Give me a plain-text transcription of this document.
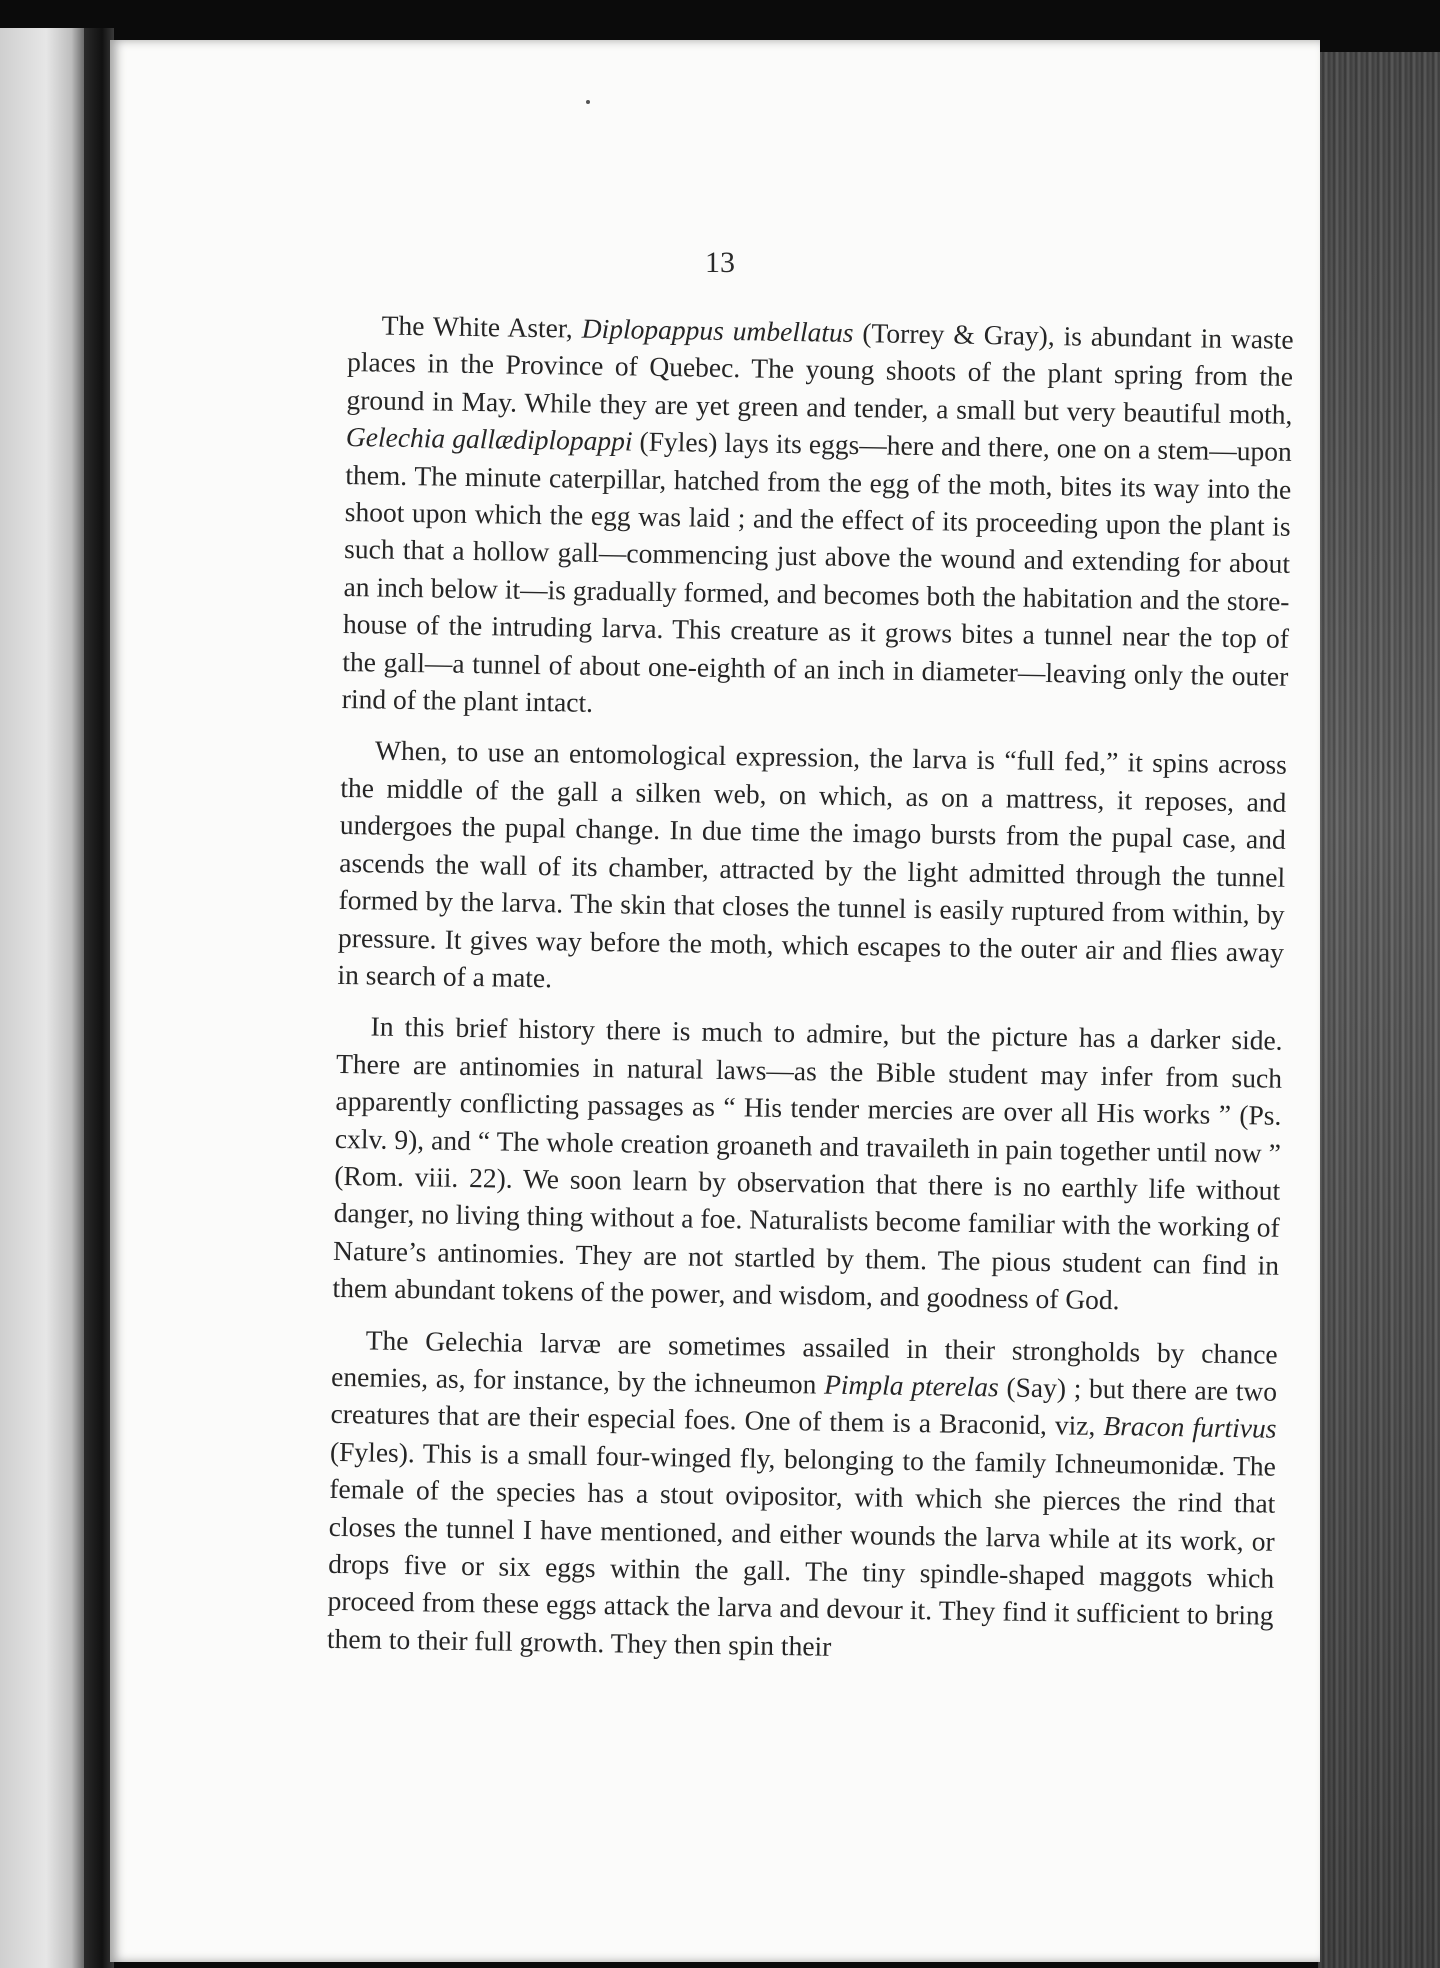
13

The White Aster, Diplopappus umbellatus (Torrey & Gray), is abundant in waste places in the Province of Quebec. The young shoots of the plant spring from the ground in May. While they are yet green and tender, a small but very beautiful moth, Gelechia gallædiplopappi (Fyles) lays its eggs—here and there, one on a stem—upon them. The minute caterpillar, hatched from the egg of the moth, bites its way into the shoot upon which the egg was laid ; and the effect of its proceeding upon the plant is such that a hollow gall—commencing just above the wound and extending for about an inch below it—is gradually formed, and becomes both the habitation and the store-house of the intruding larva. This creature as it grows bites a tunnel near the top of the gall—a tunnel of about one-eighth of an inch in diameter—leaving only the outer rind of the plant intact.

When, to use an entomological expression, the larva is “full fed,” it spins across the middle of the gall a silken web, on which, as on a mattress, it reposes, and undergoes the pupal change. In due time the imago bursts from the pupal case, and ascends the wall of its chamber, attracted by the light admitted through the tunnel formed by the larva. The skin that closes the tunnel is easily ruptured from within, by pressure. It gives way before the moth, which escapes to the outer air and flies away in search of a mate.

In this brief history there is much to admire, but the picture has a darker side. There are antinomies in natural laws—as the Bible student may infer from such apparently conflicting passages as “ His tender mercies are over all His works ” (Ps. cxlv. 9), and “ The whole creation groaneth and travaileth in pain together until now ” (Rom. viii. 22). We soon learn by observation that there is no earthly life without danger, no living thing without a foe. Naturalists become familiar with the working of Nature’s antinomies. They are not startled by them. The pious student can find in them abundant tokens of the power, and wisdom, and goodness of God.

The Gelechia larvæ are sometimes assailed in their strongholds by chance enemies, as, for instance, by the ichneumon Pimpla pterelas (Say) ; but there are two creatures that are their especial foes. One of them is a Braconid, viz, Bracon furtivus (Fyles). This is a small four-winged fly, belonging to the family Ichneumonidæ. The female of the species has a stout ovipositor, with which she pierces the rind that closes the tunnel I have mentioned, and either wounds the larva while at its work, or drops five or six eggs within the gall. The tiny spindle-shaped maggots which proceed from these eggs attack the larva and devour it. They find it sufficient to bring them to their full growth. They then spin their
